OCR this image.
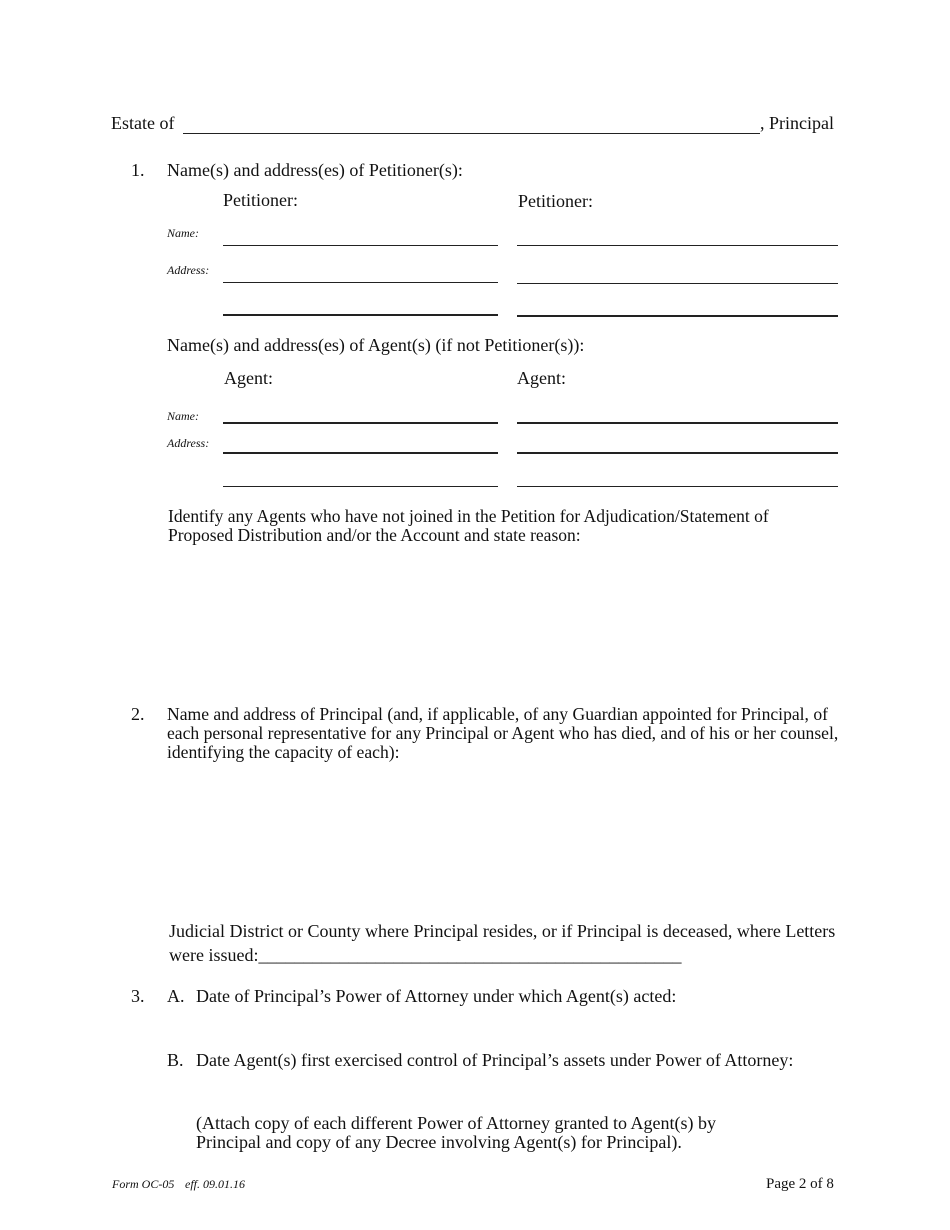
Estate of	, Principal
1. Name(s) and address(es) of Petitioner(s):
Petitioner:	Petitioner:
Name:
Address:
Name(s) and address(es) of Agent(s) (if not Petitioner(s)):
Agent:	Agent:
Name:
Address:
Identify any Agents who have not joined in the Petition for Adjudication/Statement of Proposed Distribution and/or the Account and state reason:
2. Name and address of Principal (and, if applicable, of any Guardian appointed for Principal, of each personal representative for any Principal or Agent who has died, and of his or her counsel, identifying the capacity of each):
Judicial District or County where Principal resides, or if Principal is deceased, where Letters
were issued:_______________________________________________
3. A. Date of Principal’s Power of Attorney under which Agent(s) acted:
B. Date Agent(s) first exercised control of Principal’s assets under Power of Attorney:
(Attach copy of each different Power of Attorney granted to Agent(s) by Principal and copy of any Decree involving Agent(s) for Principal).
Form OC-05 eff. 09.01.16	Page 2 of 8
